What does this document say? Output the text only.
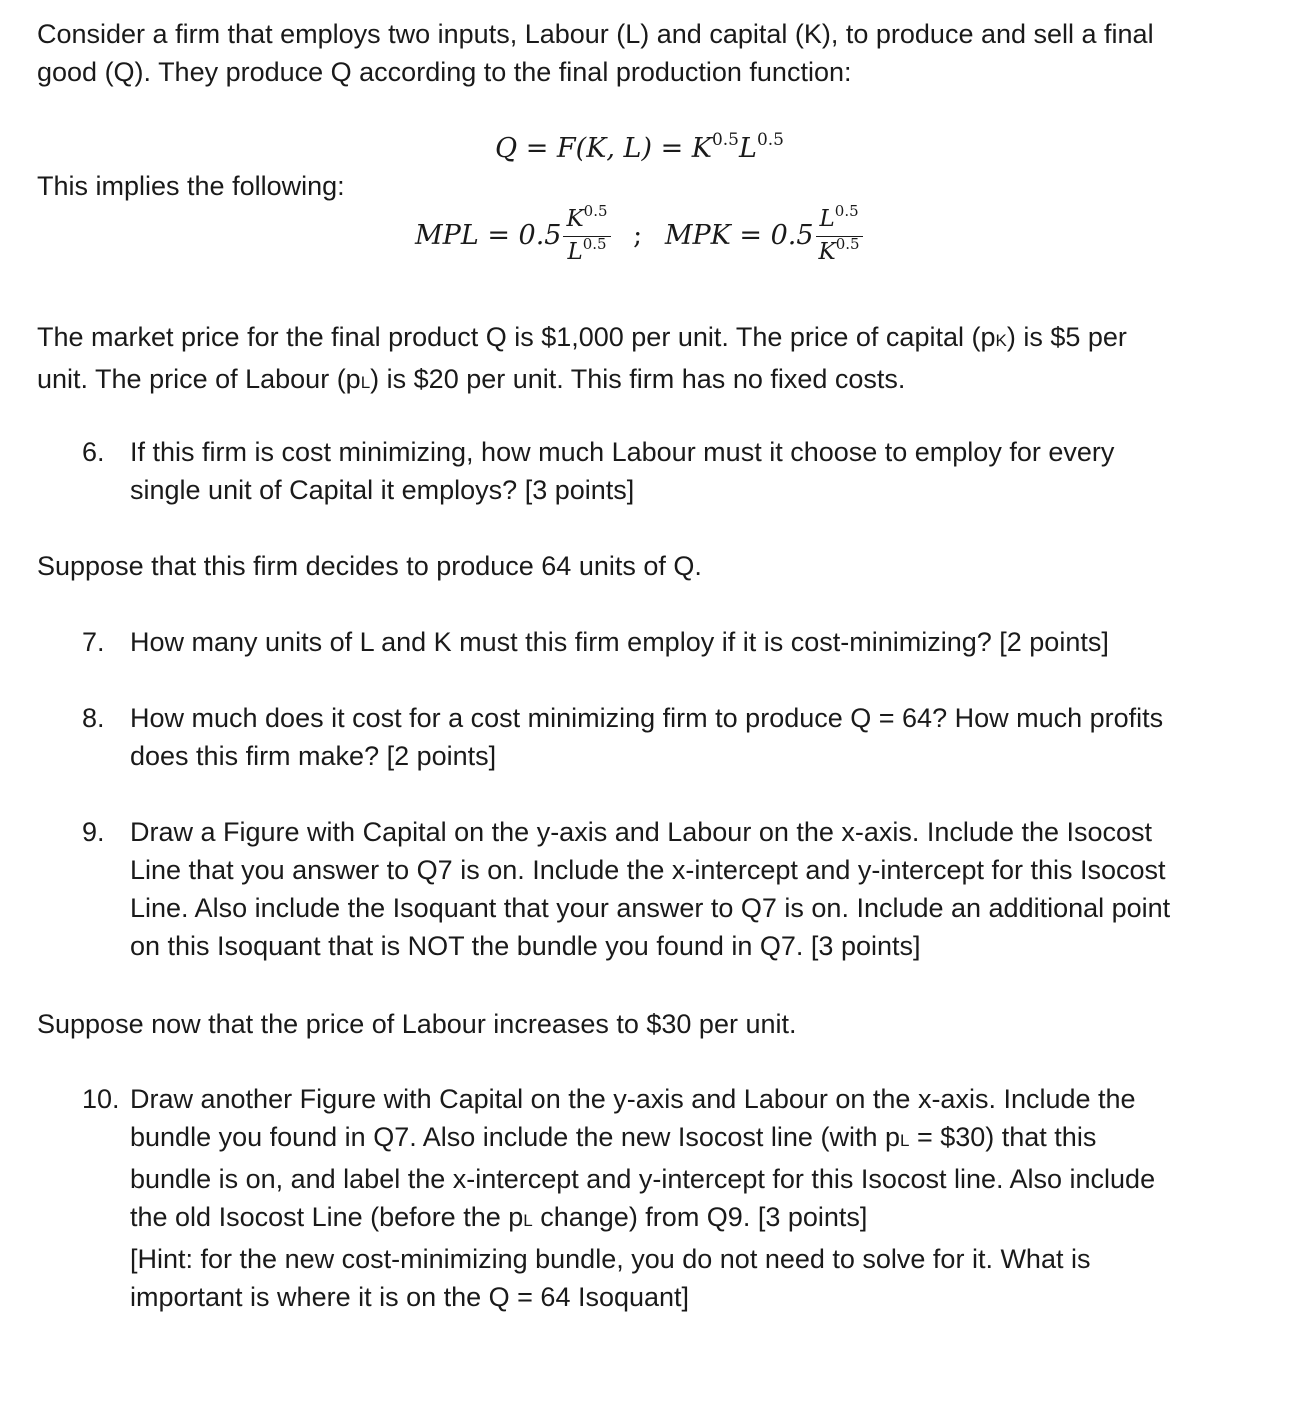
Consider a firm that employs two inputs, Labour (L) and capital (K), to produce and sell a final
good (Q). They produce Q according to the final production function:
Q = F(K, $L) = K^{0.5}L^{0.5}$
This implies the following:
MPL = $0.5 \frac{K^{0.5}}{L^{0.5}}$ ; MPK = $0.5 \frac{L^{0.5}}{K^{0.5}}$
The market price for the final product Q is $1,000 per unit. The price of capital (pK) is $5 per
unit. The price of Labour (pL) is $20 per unit. This firm has no fixed costs.
6. If this firm is cost minimizing, how much Labour must it choose to employ for every
single unit of Capital it employs? [3 points]
Suppose that this firm decides to produce 64 units of Q.
7. How many units of L and K must this firm employ if it is cost-minimizing? [2 points]
8. How much does it cost for a cost minimizing firm to produce Q = 64? How much profits
does this firm make? [2 points]
9. Draw a Figure with Capital on the y-axis and Labour on the x-axis. Include the Isocost
Line that you answer to Q7 is on. Include the x-intercept and y-intercept for this Isocost
Line. Also include the Isoquant that your answer to Q7 is on. Include an additional point
on this Isoquant that is NOT the bundle you found in Q7. [3 points]
Suppose now that the price of Labour increases to $30 per unit.
10. Draw another Figure with Capital on the y-axis and Labour on the x-axis. Include the
bundle you found in Q7. Also include the new Isocost line (with pL = $30) that this
bundle is on, and label the x-intercept and y-intercept for this Isocost line. Also include
the old Isocost Line (before the pL change) from Q9. [3 points]
[Hint: for the new cost-minimizing bundle, you do not need to solve for it. What is
important is where it is on the Q = 64 Isoquant]
